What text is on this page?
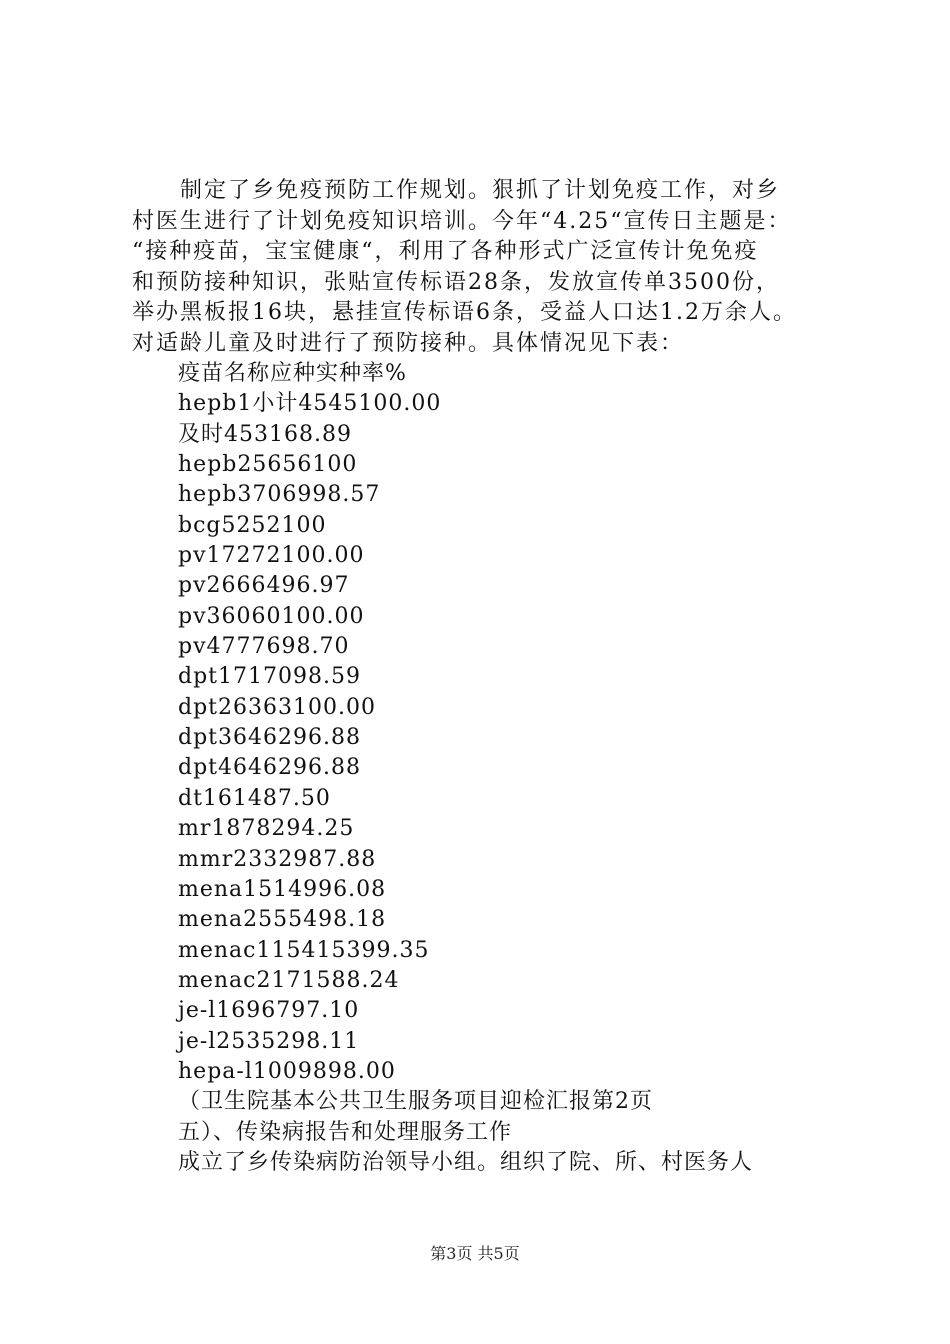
制定了乡免疫预防工作规划。狠抓了计划免疫工作，对乡
村医生进行了计划免疫知识培训。今年“4.25“宣传日主题是：
“接种疫苗，宝宝健康“，利用了各种形式广泛宣传计免免疫
和预防接种知识，张贴宣传标语28条，发放宣传单3500份，
举办黑板报16块，悬挂宣传标语6条，受益人口达1.2万余人。
对适龄儿童及时进行了预防接种。具体情况见下表：

疫苗名称应种实种率%
hepb1小计4545100.00
及时453168.89
hepb25656100
hepb3706998.57
bcg5252100
pv17272100.00
pv2666496.97
pv36060100.00
pv4777698.70
dpt1717098.59
dpt26363100.00
dpt3646296.88
dpt4646296.88
dt161487.50
mr1878294.25
mmr2332987.88
mena1514996.08
mena2555498.18
menac115415399.35
menac2171588.24
je-l1696797.10
je-l2535298.11
hepa-l1009898.00
（卫生院基本公共卫生服务项目迎检汇报第2页
五）、传染病报告和处理服务工作
成立了乡传染病防治领导小组。组织了院、所、村医务人
第3页 共5页
